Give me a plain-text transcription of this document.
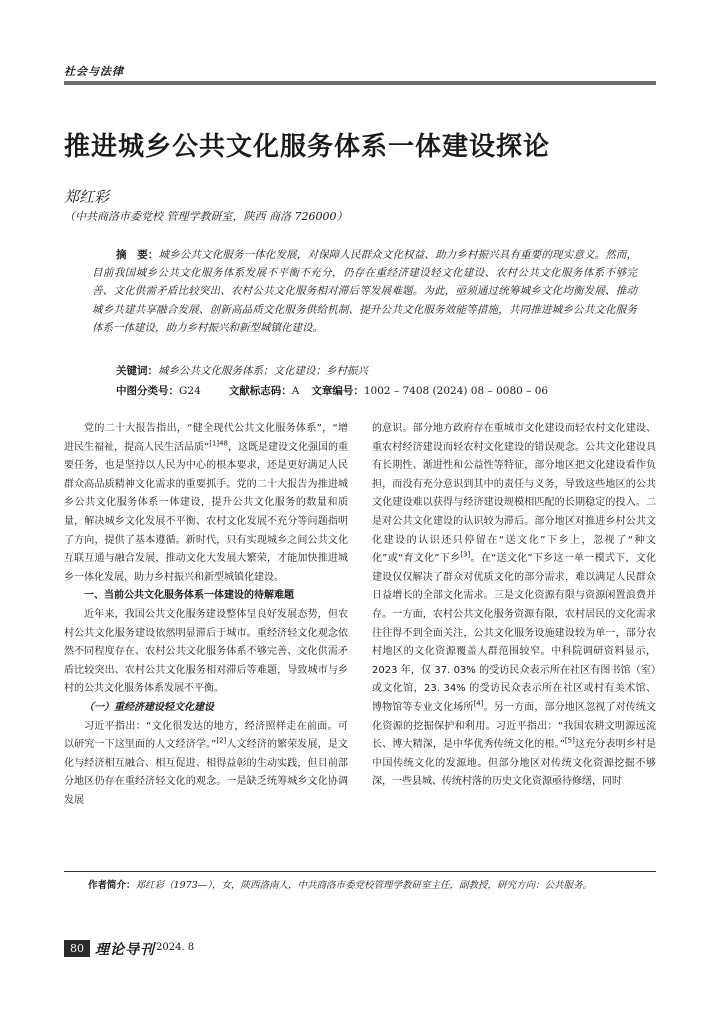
社会与法律
推进城乡公共文化服务体系一体建设探论
郑红彩
（中共商洛市委党校 管理学教研室，陕西 商洛 726000）
摘　要：城乡公共文化服务一体化发展，对保障人民群众文化权益、助力乡村振兴具有重要的现实意义。然而，目前我国城乡公共文化服务体系发展不平衡不充分，仍存在重经济建设轻文化建设、农村公共文化服务体系不够完善、文化供需矛盾比较突出、农村公共文化服务相对滞后等发展难题。为此，亟须通过统筹城乡文化均衡发展、推动城乡共建共享融合发展、创新高品质文化服务供给机制、提升公共文化服务效能等措施，共同推进城乡公共文化服务体系一体建设，助力乡村振兴和新型城镇化建设。
关键词：城乡公共文化服务体系；文化建设；乡村振兴
中图分类号：G24	文献标志码：A 文章编号：1002 – 7408 (2024) 08 – 0080 – 06

党的二十大报告指出，“健全现代公共文化服务体系”，“增进民生福祉，提高人民生活品质”$^{[1]48}$，这既是建设文化强国的重要任务，也是坚持以人民为中心的根本要求，还是更好满足人民群众高品质精神文化需求的重要抓手。党的二十大报告为推进城乡公共文化服务体系一体建设，提升公共文化服务的数量和质量，解决城乡文化发展不平衡、农村文化发展不充分等问题指明了方向，提供了基本遵循。新时代，只有实现城乡之间公共文化互联互通与融合发展，推动文化大发展大繁荣，才能加快推进城乡一体化发展，助力乡村振兴和新型城镇化建设。

一、当前公共文化服务体系一体建设的待解难题

近年来，我国公共文化服务建设整体呈良好发展态势，但农村公共文化服务建设依然明显滞后于城市。重经济轻文化观念依然不同程度存在、农村公共文化服务体系不够完善、文化供需矛盾比较突出、农村公共文化服务相对滞后等难题，导致城市与乡村的公共文化服务体系发展不平衡。

（一）重经济建设轻文化建设

习近平指出：“文化很发达的地方，经济照样走在前面。可以研究一下这里面的人文经济学。”[2]人文经济的繁荣发展，是文化与经济相互融合、相互促进、相得益彰的生动实践，但目前部分地区仍存在重经济轻文化的观念。一是缺乏统筹城乡文化协调发展

的意识。部分地方政府存在重城市文化建设而轻农村文化建设、重农村经济建设而轻农村文化建设的错误观念。公共文化建设具有长期性、渐进性和公益性等特征，部分地区把文化建设看作负担，而没有充分意识到其中的责任与义务，导致这些地区的公共文化建设难以获得与经济建设规模相匹配的长期稳定的投入。二是对公共文化建设的认识较为滞后。部分地区对推进乡村公共文化建设的认识还只停留在“送文化”下乡上，忽视了“种文化”或“育文化”下乡[3]。在“送文化”下乡这一单一模式下，文化建设仅仅解决了群众对优质文化的部分需求，难以满足人民群众日益增长的全部文化需求。三是文化资源有限与资源闲置浪费并存。一方面，农村公共文化服务资源有限，农村居民的文化需求往往得不到全面关注，公共文化服务设施建设较为单一，部分农村地区的文化资源覆盖人群范围较窄。中科院调研资料显示，2023 年，仅 37. 03% 的受访民众表示所在社区有图书馆（室）或文化馆，23. 34% 的受访民众表示所在社区或村有美术馆、博物馆等专业文化场所[4]。另一方面，部分地区忽视了对传统文化资源的挖掘保护和利用。习近平指出：“我国农耕文明源远流长、博大精深，是中华优秀传统文化的根。”[5]这充分表明乡村是中国传统文化的发源地。但部分地区对传统文化资源挖掘不够深，一些县城、传统村落的历史文化资源亟待修缮，同时

作者简介：郑红彩（1973—），女，陕西洛南人，中共商洛市委党校管理学教研室主任，副教授，研究方向：公共服务。
80 理论导刊 2024. 8
